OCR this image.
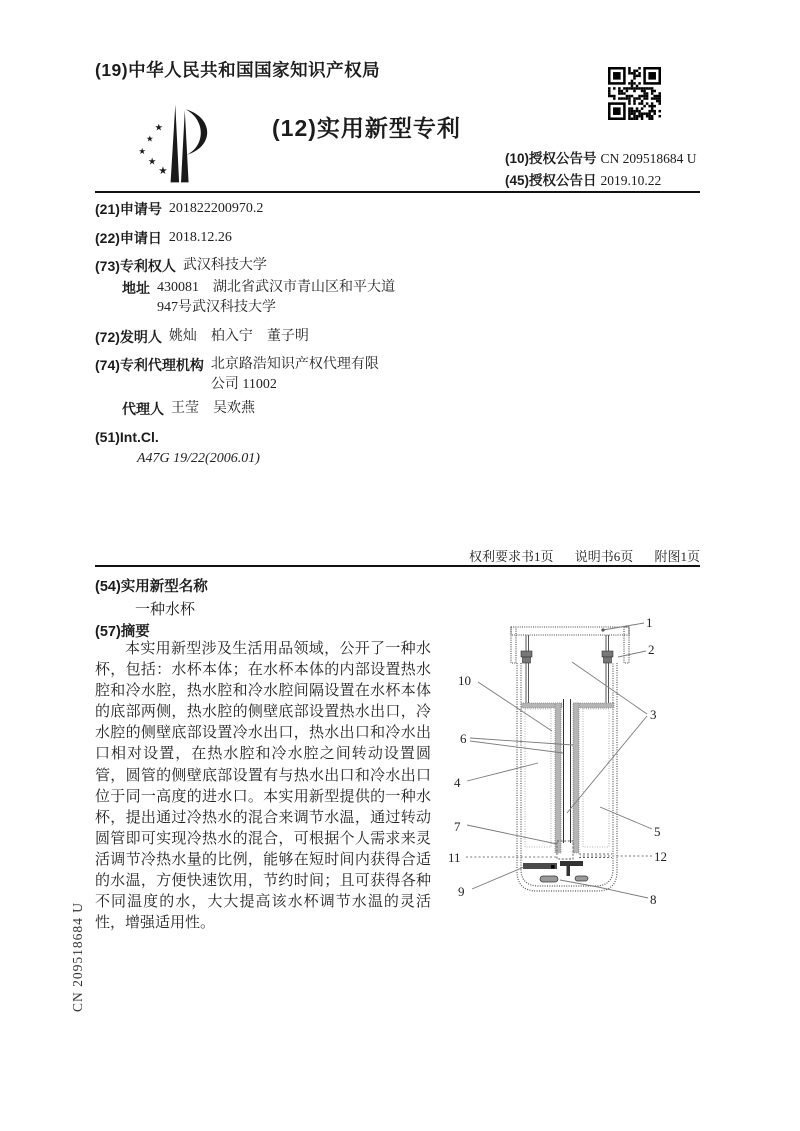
(19)中华人民共和国国家知识产权局
★
★
★
★
★
(12)实用新型专利
(10)授权公告号 CN 209518684 U
(45)授权公告日 2019.10.22
(21)申请号 201822200970.2
(22)申请日 2018.12.26
(73)专利权人 武汉科技大学
地址 430081　湖北省武汉市青山区和平大道947号武汉科技大学
(72)发明人 姚灿　柏入宁　董子明
(74)专利代理机构 北京路浩知识产权代理有限公司 11002
代理人 王莹　吴欢燕
(51)Int.Cl.
A47G 19/22(2006.01)
权利要求书1页 说明书6页 附图1页
(54)实用新型名称
一种水杯
(57)摘要
本实用新型涉及生活用品领域，公开了一种水杯，包括：水杯本体；在水杯本体的内部设置热水腔和冷水腔，热水腔和冷水腔间隔设置在水杯本体的底部两侧，热水腔的侧壁底部设置热水出口，冷水腔的侧壁底部设置冷水出口，热水出口和冷水出口相对设置，在热水腔和冷水腔之间转动设置圆管，圆管的侧壁底部设置有与热水出口和冷水出口位于同一高度的进水口。本实用新型提供的一种水杯，提出通过冷热水的混合来调节水温，通过转动圆管即可实现冷热水的混合，可根据个人需求来灵活调节冷热水量的比例，能够在短时间内获得合适的水温，方便快速饮用，节约时间；且可获得各种不同温度的水，大大提高该水杯调节水温的灵活性，增强适用性。
1
2
3
4
5
6
7
8
9
10
11	12
CN 209518684 U
